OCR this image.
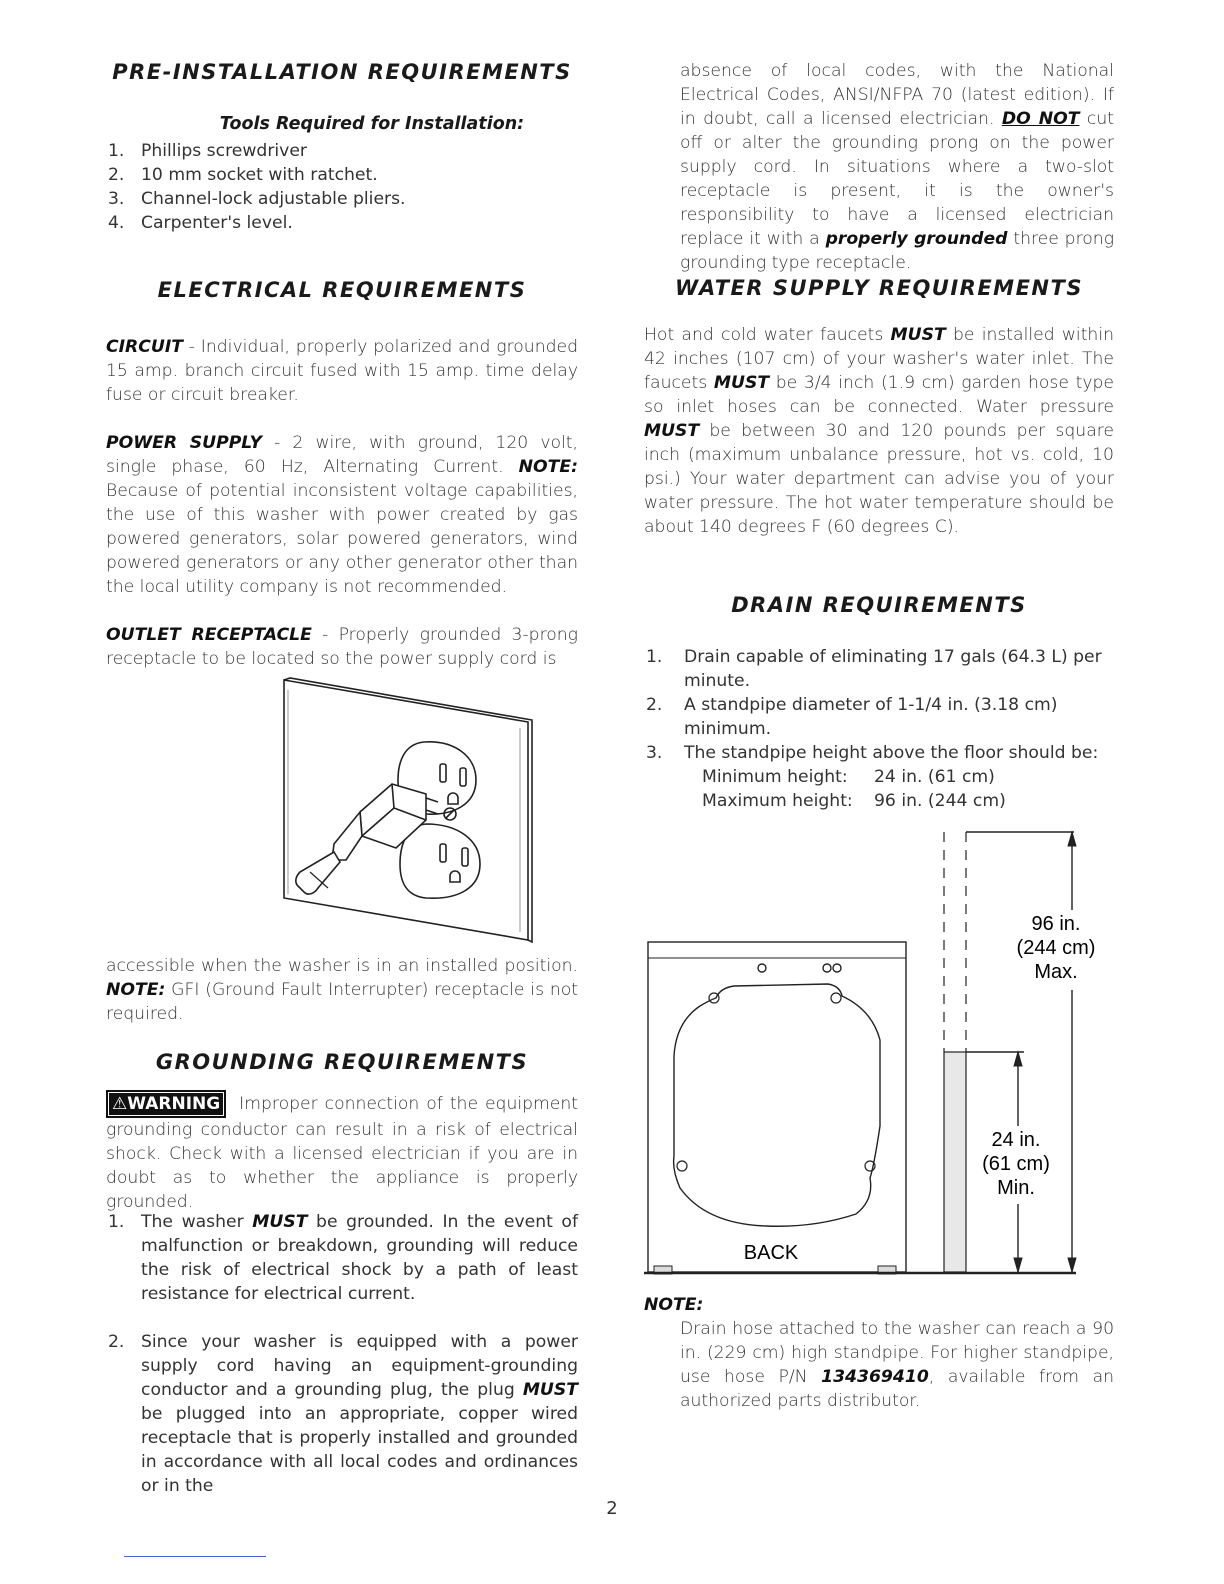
PRE-INSTALLATION REQUIREMENTS
Tools Required for Installation:
1. Phillips screwdriver
2. 10 mm socket with ratchet.
3. Channel-lock adjustable pliers.
4. Carpenter's level.
ELECTRICAL REQUIREMENTS

CIRCUIT - Individual, properly polarized and grounded 15 amp. branch circuit fused with 15 amp. time delay fuse or circuit breaker.

POWER SUPPLY - 2 wire, with ground, 120 volt, single phase, 60 Hz, Alternating Current. NOTE: Because of potential inconsistent voltage capabilities, the use of this washer with power created by gas powered generators, solar powered generators, wind powered generators or any other generator other than the local utility company is not recommended.

OUTLET RECEPTACLE - Properly grounded 3-prong receptacle to be located so the power supply cord is

accessible when the washer is in an installed position. NOTE: GFI (Ground Fault Interrupter) receptacle is not required.

GROUNDING REQUIREMENTS

⚠WARNING Improper connection of the equipment grounding conductor can result in a risk of electrical shock. Check with a licensed electrician if you are in doubt as to whether the appliance is properly grounded.

1. The washer MUST be grounded. In the event of malfunction or breakdown, grounding will reduce the risk of electrical shock by a path of least resistance for electrical current.
2. Since your washer is equipped with a power supply cord having an equipment-grounding conductor and a grounding plug, the plug MUST be plugged into an appropriate, copper wired receptacle that is properly installed and grounded in accordance with all local codes and ordinances or in the

absence of local codes, with the National Electrical Codes, ANSI/NFPA 70 (latest edition). If in doubt, call a licensed electrician. DO NOT cut off or alter the grounding prong on the power supply cord. In situations where a two-slot receptacle is present, it is the owner's responsibility to have a licensed electrician replace it with a properly grounded three prong grounding type receptacle.

WATER SUPPLY REQUIREMENTS

Hot and cold water faucets MUST be installed within 42 inches (107 cm) of your washer's water inlet. The faucets MUST be 3/4 inch (1.9 cm) garden hose type so inlet hoses can be connected. Water pressure MUST be between 30 and 120 pounds per square inch (maximum unbalance pressure, hot vs. cold, 10 psi.) Your water department can advise you of your water pressure. The hot water temperature should be about 140 degrees F (60 degrees C).

DRAIN REQUIREMENTS
1. Drain capable of eliminating 17 gals (64.3 L) per minute.
2. A standpipe diameter of 1-1/4 in. (3.18 cm) minimum.
3. The standpipe height above the floor should be:
Minimum height:	24 in. (61 cm)
Maximum height:	96 in. (244 cm)
96 in.
(244 cm)
Max.
24 in.
(61 cm)
Min.
BACK

NOTE:

Drain hose attached to the washer can reach a 90 in. (229 cm) high standpipe. For higher standpipe, use hose P/N 134369410, available from an authorized parts distributor.

2
